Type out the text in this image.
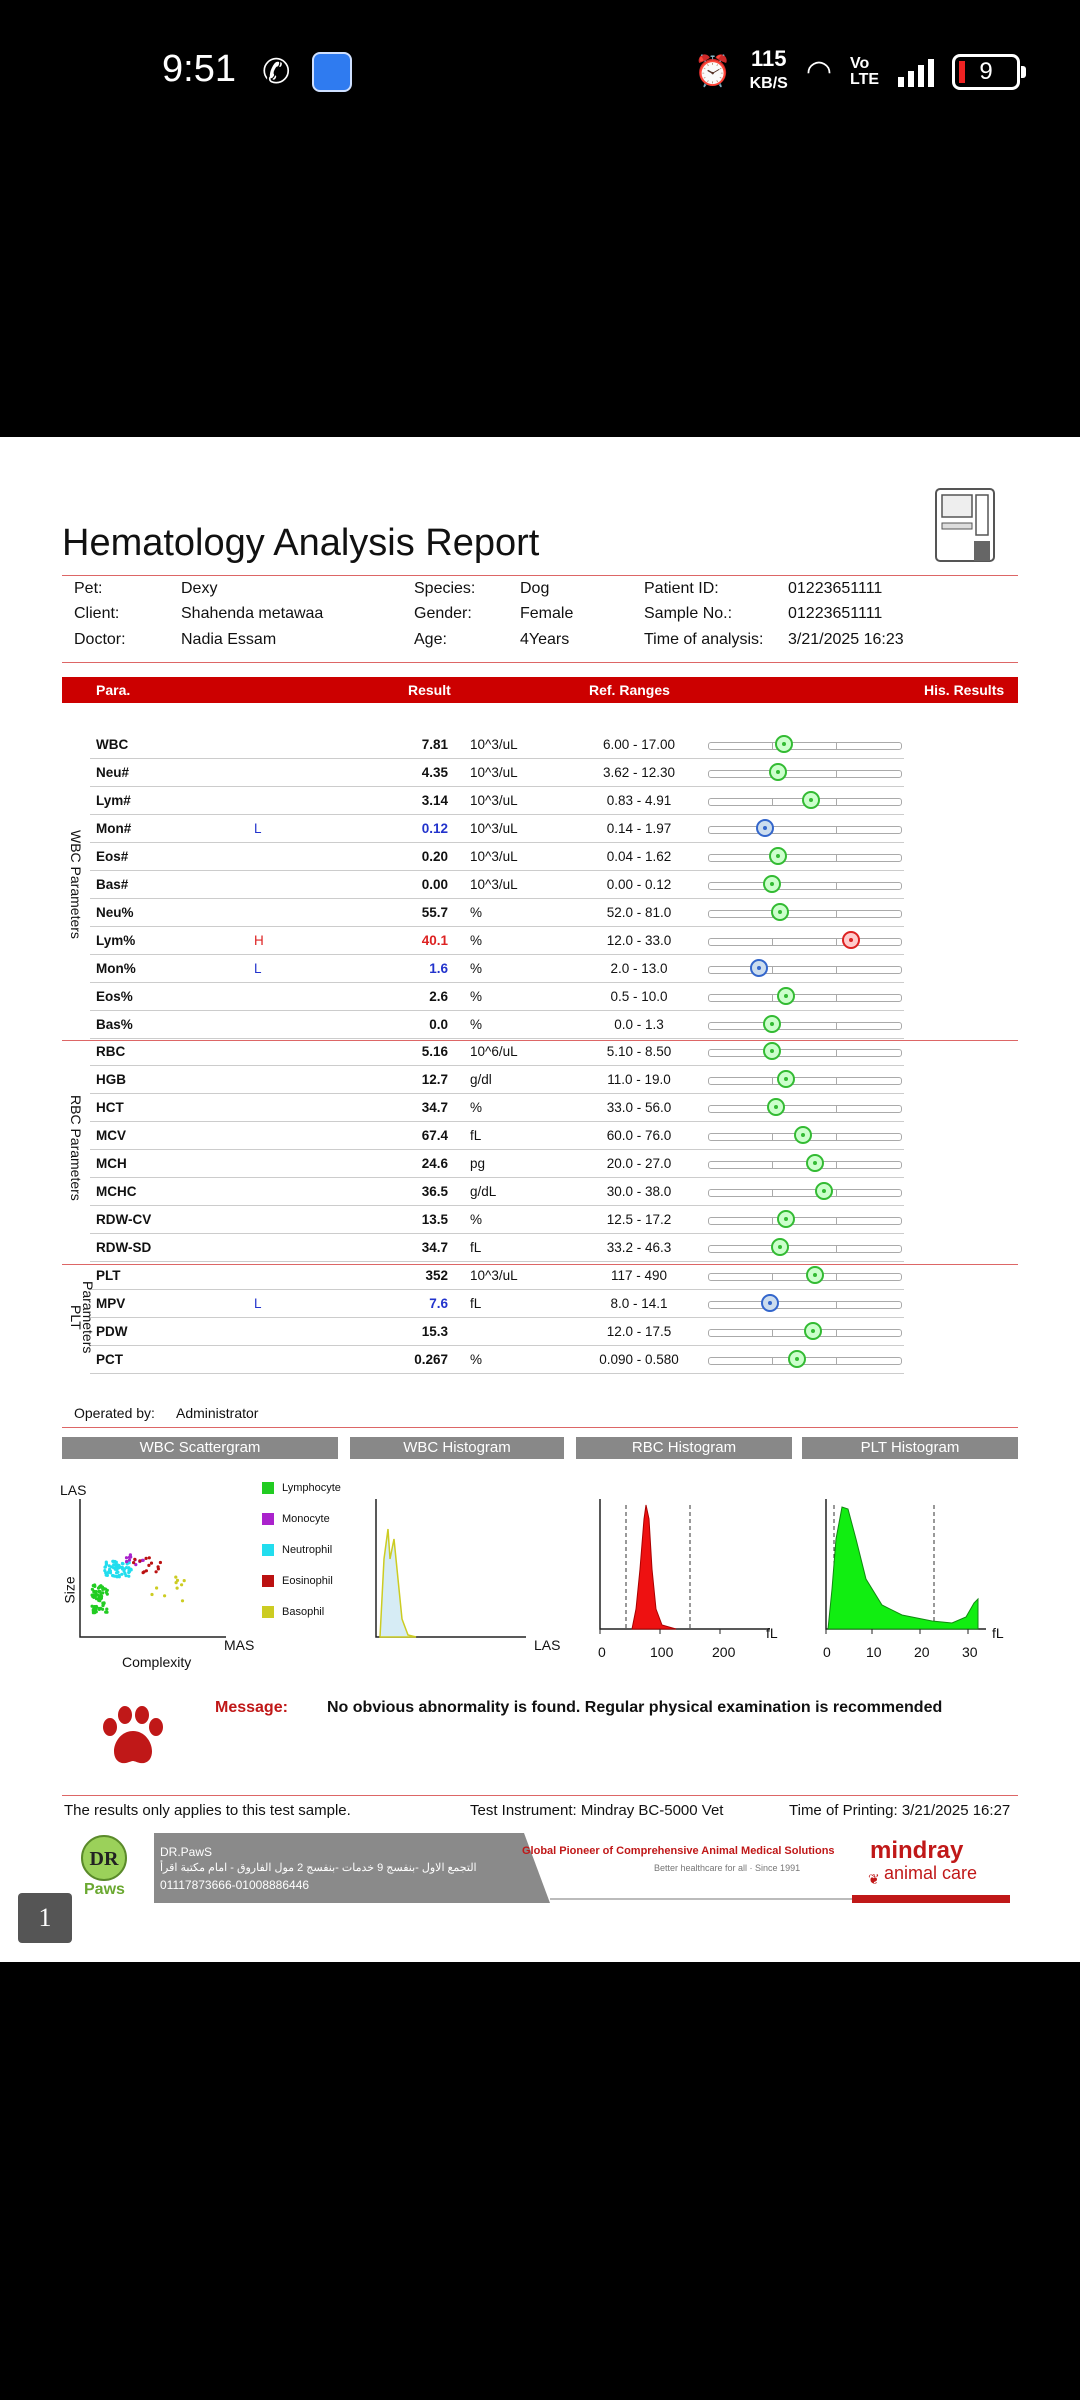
9:51 ✆	⏰ 115
KB/S ◠ Vo LTE	9
Hematology Analysis Report
Pet:	Dexy	Species:	Dog	Patient ID:	01223651111
Client:	Shahenda metawaa	Gender:	Female	Sample No.:	01223651111
Doctor:	Nadia Essam	Age:	4Years	Time of analysis: 3/21/2025 16:23
Para.	Result	Ref. Ranges	His. Results
WBC	7.81 10^3/uL	6.00 - 17.00
Neu#	4.35 10^3/uL	3.62 - 12.30
Lym#	3.14 10^3/uL	0.83 - 4.91
Mon#	L	0.12 10^3/uL	0.14 - 1.97
Eos#	0.20 10^3/uL	0.04 - 1.62
Bas#	0.00 10^3/uL	0.00 - 0.12
Neu%	55.7 %	52.0 - 81.0
Lym%	H	40.1 %	12.0 - 33.0
Mon%	L	1.6 %	2.0 - 13.0
Eos%	2.6 %	0.5 - 10.0
Bas%	0.0 %	0.0 - 1.3
RBC	5.16 10^6/uL	5.10 - 8.50
HGB	12.7 g/dl	11.0 - 19.0
HCT	34.7 %	33.0 - 56.0
MCV	67.4 fL	60.0 - 76.0
MCH	24.6 pg	20.0 - 27.0
MCHC	36.5 g/dL	30.0 - 38.0
RDW-CV	13.5 %	12.5 - 17.2
RDW-SD	34.7 fL	33.2 - 46.3
PLT	352 10^3/uL	117 - 490
MPV	L	7.6 fL	8.0 - 14.1
PDW	15.3	12.0 - 17.5
PCT	0.267 %	0.090 - 0.580
WBC Parameters
RBC Parameters
PLT
Parameters
Operated by: Administrator
WBC Scattergram	WBC Histogram	RBC Histogram	PLT Histogram
LAS
Size
Complexity
MAS
Lymphocyte
Monocyte
Neutrophil
Eosinophil
Basophil
LAS	0	100	200
fL
0	10 20 30
fL
Message: No obvious abnormality is found. Regular physical examination is recommended
The results only applies to this test sample.	Test Instrument: Mindray BC-5000 Vet	Time of Printing: 3/21/2025 16:27
DR
Paws
DR.PawS
التجمع الاول -بنفسج 9 خدمات -بنفسج 2 مول الفاروق - امام مكتبة اقرأ
01117873666-01008886446
Global Pioneer of Comprehensive Animal Medical Solutions
Better healthcare for all · Since 1991
mindray
animal care
❦
1
